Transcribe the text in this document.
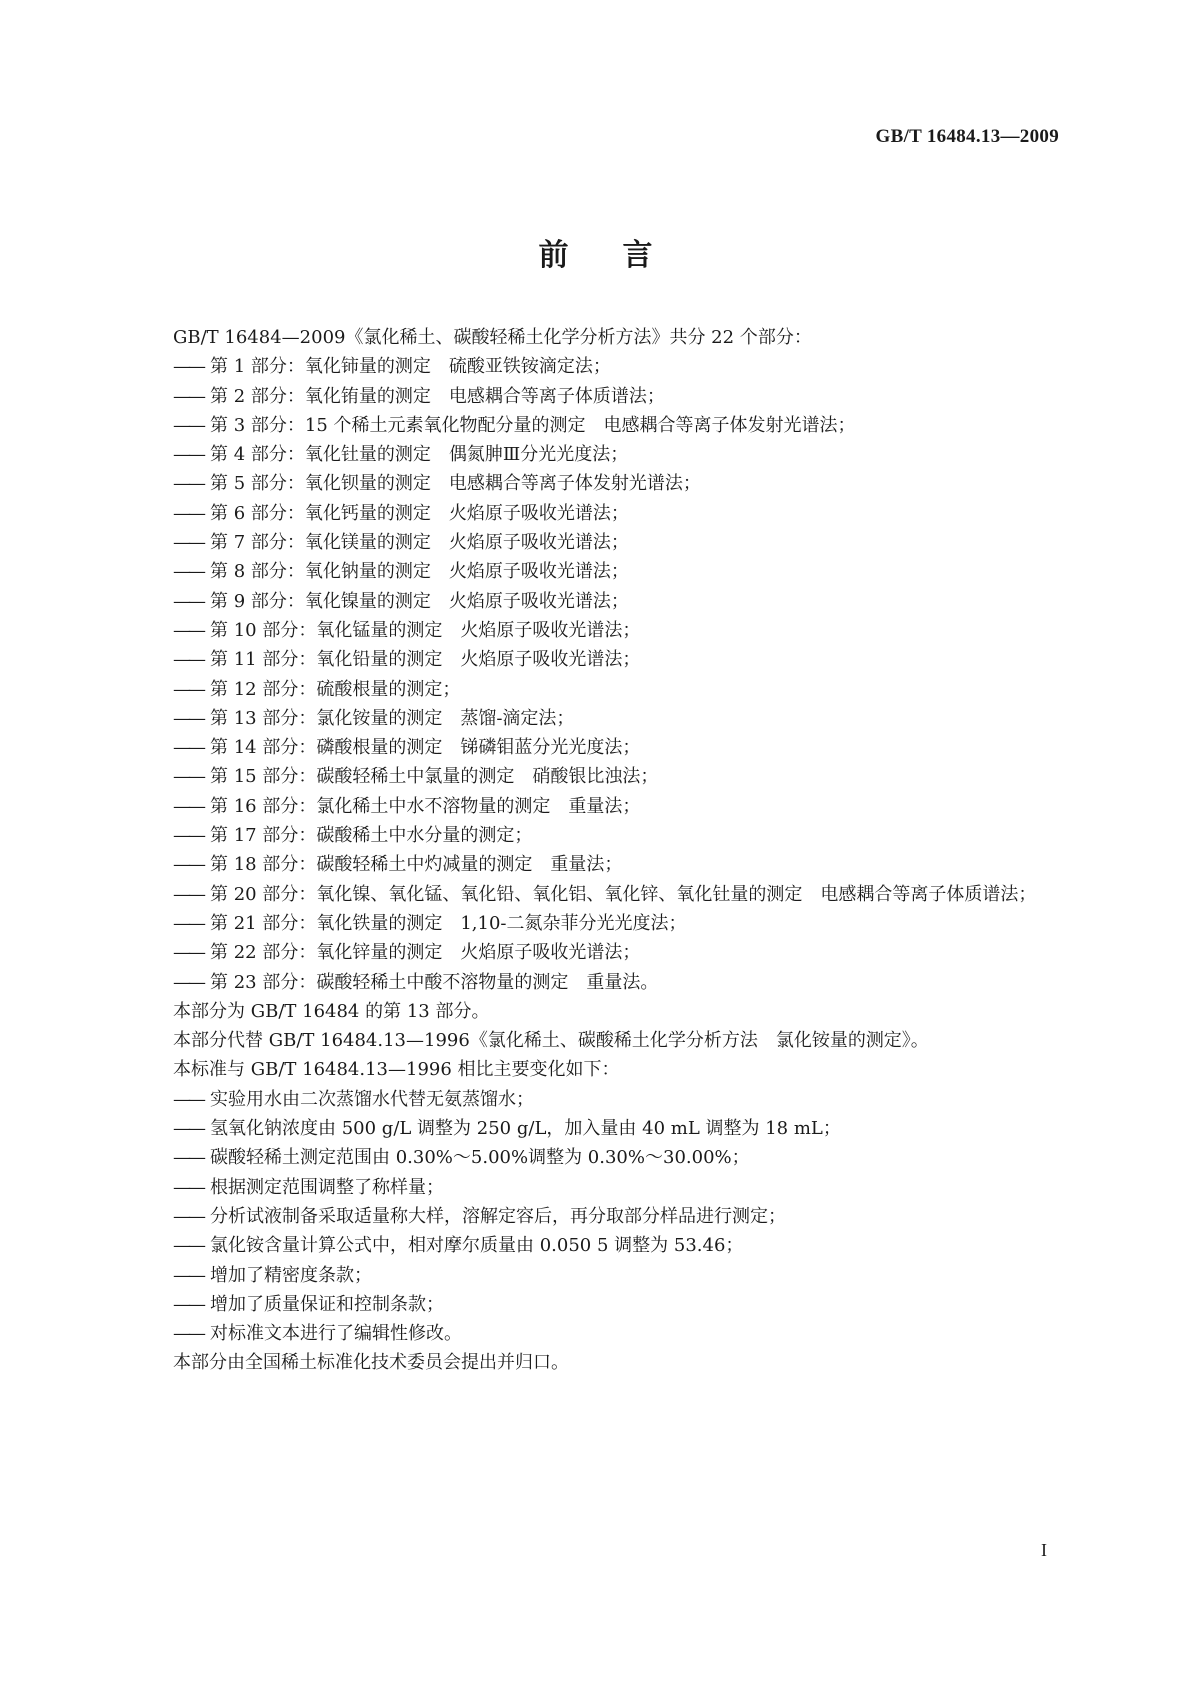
GB/T 16484.13—2009
前言
GB/T 16484—2009《氯化稀土、碳酸轻稀土化学分析方法》共分 22 个部分：
—— 第 1 部分：氧化铈量的测定　硫酸亚铁铵滴定法；
—— 第 2 部分：氧化铕量的测定　电感耦合等离子体质谱法；
—— 第 3 部分：15 个稀土元素氧化物配分量的测定　电感耦合等离子体发射光谱法；
—— 第 4 部分：氧化钍量的测定　偶氮胂Ⅲ分光光度法；
—— 第 5 部分：氧化钡量的测定　电感耦合等离子体发射光谱法；
—— 第 6 部分：氧化钙量的测定　火焰原子吸收光谱法；
—— 第 7 部分：氧化镁量的测定　火焰原子吸收光谱法；
—— 第 8 部分：氧化钠量的测定　火焰原子吸收光谱法；
—— 第 9 部分：氧化镍量的测定　火焰原子吸收光谱法；
—— 第 10 部分：氧化锰量的测定　火焰原子吸收光谱法；
—— 第 11 部分：氧化铅量的测定　火焰原子吸收光谱法；
—— 第 12 部分：硫酸根量的测定；
—— 第 13 部分：氯化铵量的测定　蒸馏-滴定法；
—— 第 14 部分：磷酸根量的测定　锑磷钼蓝分光光度法；
—— 第 15 部分：碳酸轻稀土中氯量的测定　硝酸银比浊法；
—— 第 16 部分：氯化稀土中水不溶物量的测定　重量法；
—— 第 17 部分：碳酸稀土中水分量的测定；
—— 第 18 部分：碳酸轻稀土中灼减量的测定　重量法；
—— 第 20 部分：氧化镍、氧化锰、氧化铅、氧化铝、氧化锌、氧化钍量的测定　电感耦合等离子体质谱法；
—— 第 21 部分：氧化铁量的测定　1,10-二氮杂菲分光光度法；
—— 第 22 部分：氧化锌量的测定　火焰原子吸收光谱法；
—— 第 23 部分：碳酸轻稀土中酸不溶物量的测定　重量法。
本部分为 GB/T 16484 的第 13 部分。
本部分代替 GB/T 16484.13—1996《氯化稀土、碳酸稀土化学分析方法　氯化铵量的测定》。
本标准与 GB/T 16484.13—1996 相比主要变化如下：
—— 实验用水由二次蒸馏水代替无氨蒸馏水；
—— 氢氧化钠浓度由 500 g/L 调整为 250 g/L，加入量由 40 mL 调整为 18 mL；
—— 碳酸轻稀土测定范围由 0.30%～5.00%调整为 0.30%～30.00%；
—— 根据测定范围调整了称样量；
—— 分析试液制备采取适量称大样，溶解定容后，再分取部分样品进行测定；
—— 氯化铵含量计算公式中，相对摩尔质量由 0.050 5 调整为 53.46；
—— 增加了精密度条款；
—— 增加了质量保证和控制条款；
—— 对标准文本进行了编辑性修改。
本部分由全国稀土标准化技术委员会提出并归口。
I
